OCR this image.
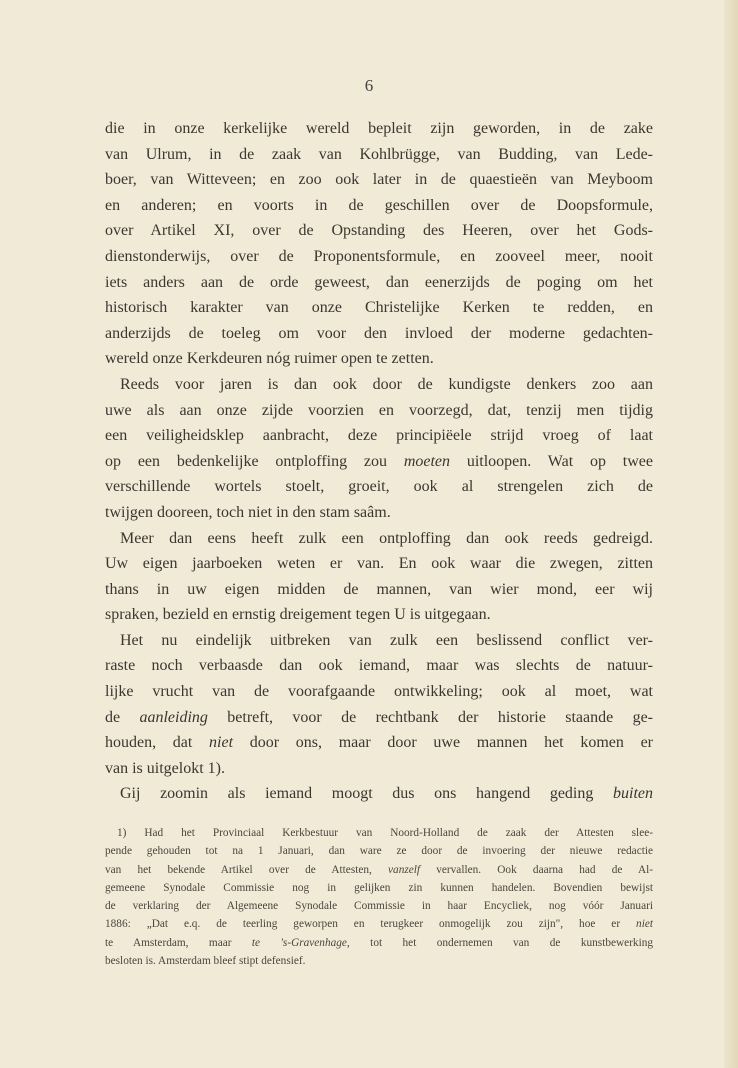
6
die in onze kerkelijke wereld bepleit zijn geworden, in de zake
van Ulrum, in de zaak van Kohlbrügge, van Budding, van Lede-
boer, van Witteveen; en zoo ook later in de quaestieën van Meyboom
en anderen; en voorts in de geschillen over de Doopsformule,
over Artikel XI, over de Opstanding des Heeren, over het Gods-
dienstonderwijs, over de Proponentsformule, en zooveel meer, nooit
iets anders aan de orde geweest, dan eenerzijds de poging om het
historisch karakter van onze Christelijke Kerken te redden, en
anderzijds de toeleg om voor den invloed der moderne gedachten-
wereld onze Kerkdeuren nóg ruimer open te zetten.
Reeds voor jaren is dan ook door de kundigste denkers zoo aan
uwe als aan onze zijde voorzien en voorzegd, dat, tenzij men tijdig
een veiligheidsklep aanbracht, deze principiëele strijd vroeg of laat
op een bedenkelijke ontploffing zou moeten uitloopen. Wat op twee
verschillende wortels stoelt, groeit, ook al strengelen zich de
twijgen dooreen, toch niet in den stam saâm.
Meer dan eens heeft zulk een ontploffing dan ook reeds gedreigd.
Uw eigen jaarboeken weten er van. En ook waar die zwegen, zitten
thans in uw eigen midden de mannen, van wier mond, eer wij
spraken, bezield en ernstig dreigement tegen U is uitgegaan.
Het nu eindelijk uitbreken van zulk een beslissend conflict ver-
raste noch verbaasde dan ook iemand, maar was slechts de natuur-
lijke vrucht van de voorafgaande ontwikkeling; ook al moet, wat
de aanleiding betreft, voor de rechtbank der historie staande ge-
houden, dat niet door ons, maar door uwe mannen het komen er
van is uitgelokt 1).
Gij zoomin als iemand moogt dus ons hangend geding buiten
1) Had het Provinciaal Kerkbestuur van Noord-Holland de zaak der Attesten slee-
pende gehouden tot na 1 Januari, dan ware ze door de invoering der nieuwe redactie
van het bekende Artikel over de Attesten, vanzelf vervallen. Ook daarna had de Al-
gemeene Synodale Commissie nog in gelijken zin kunnen handelen. Bovendien bewijst
de verklaring der Algemeene Synodale Commissie in haar Encycliek, nog vóór Januari
1886: „Dat e.q. de teerling geworpen en terugkeer onmogelijk zou zijn", hoe er niet
te Amsterdam, maar te 's-Gravenhage, tot het ondernemen van de kunstbewerking
besloten is. Amsterdam bleef stipt defensief.
